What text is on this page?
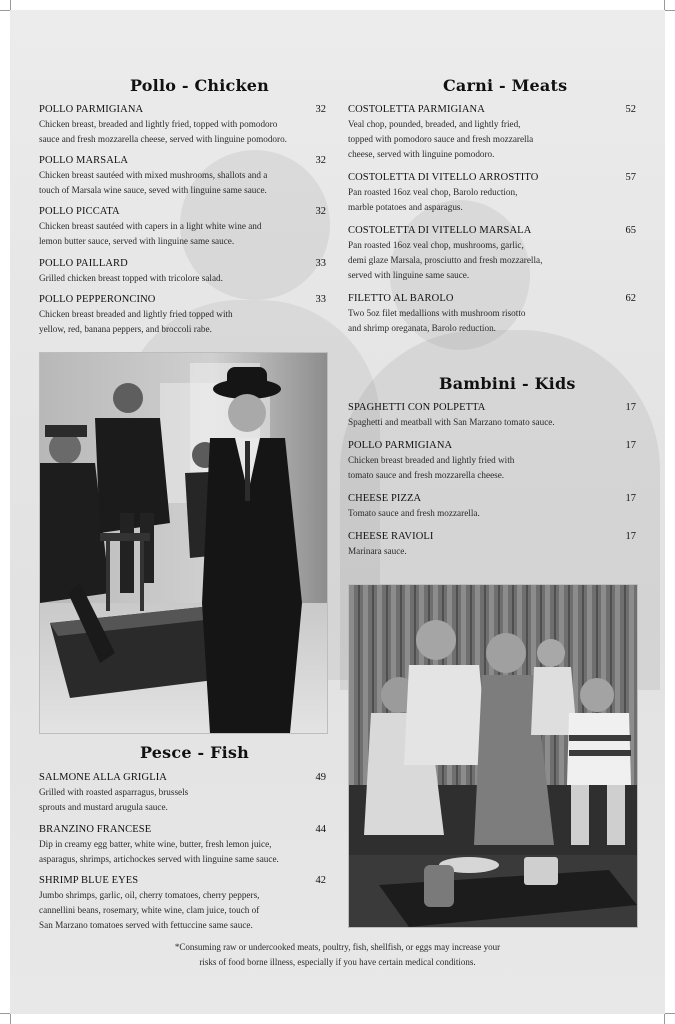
Pollo - Chicken
POLLO PARMIGIANA	32
Chicken breast, breaded and lightly fried, topped with pomodoro
sauce and fresh mozzarella cheese, served with linguine pomodoro.
POLLO MARSALA	32
Chicken breast sautéed with mixed mushrooms, shallots and a
touch of Marsala wine sauce, seved with linguine same sauce.
POLLO PICCATA	32
Chicken breast sautéed with capers in a light white wine and
lemon butter sauce, served with linguine same sauce.
POLLO PAILLARD	33
Grilled chicken breast topped with tricolore salad.
POLLO PEPPERONCINO	33
Chicken breast breaded and lightly fried topped with
yellow, red, banana peppers, and broccoli rabe.
Carni - Meats
COSTOLETTA PARMIGIANA	52
Veal chop, pounded, breaded, and lightly fried,
topped with pomodoro sauce and fresh mozzarella
cheese, served with linguine pomodoro.
COSTOLETTA DI VITELLO ARROSTITO	57
Pan roasted 16oz veal chop, Barolo reduction,
marble potatoes and asparagus.
COSTOLETTA DI VITELLO MARSALA	65
Pan roasted 16oz veal chop, mushrooms, garlic,
demi glaze Marsala, prosciutto and fresh mozzarella,
served with linguine same sauce.
FILETTO AL BAROLO	62
Two 5oz filet medallions with mushroom risotto
and shrimp oreganata, Barolo reduction.
Bambini - Kids
SPAGHETTI CON POLPETTA	17
Spaghetti and meatball with San Marzano tomato sauce.
POLLO PARMIGIANA	17
Chicken breast breaded and lightly fried with
tomato sauce and fresh mozzarella cheese.
CHEESE PIZZA	17
Tomato sauce and fresh mozzarella.
CHEESE RAVIOLI	17
Marinara sauce.
Pesce - Fish
SALMONE ALLA GRIGLIA	49
Grilled with roasted asparragus, brussels
sprouts and mustard arugula sauce.
BRANZINO FRANCESE	44
Dip in creamy egg batter, white wine, butter, fresh lemon juice,
asparagus, shrimps, artichockes served with linguine same sauce.
SHRIMP BLUE EYES	42
Jumbo shrimps, garlic, oil, cherry tomatoes, cherry peppers,
cannellini beans, rosemary, white wine, clam juice, touch of
San Marzano tomatoes served with fettuccine same sauce.
*Consuming raw or undercooked meats, poultry, fish, shellfish, or eggs may increase your
risks of food borne illness, especially if you have certain medical conditions.
